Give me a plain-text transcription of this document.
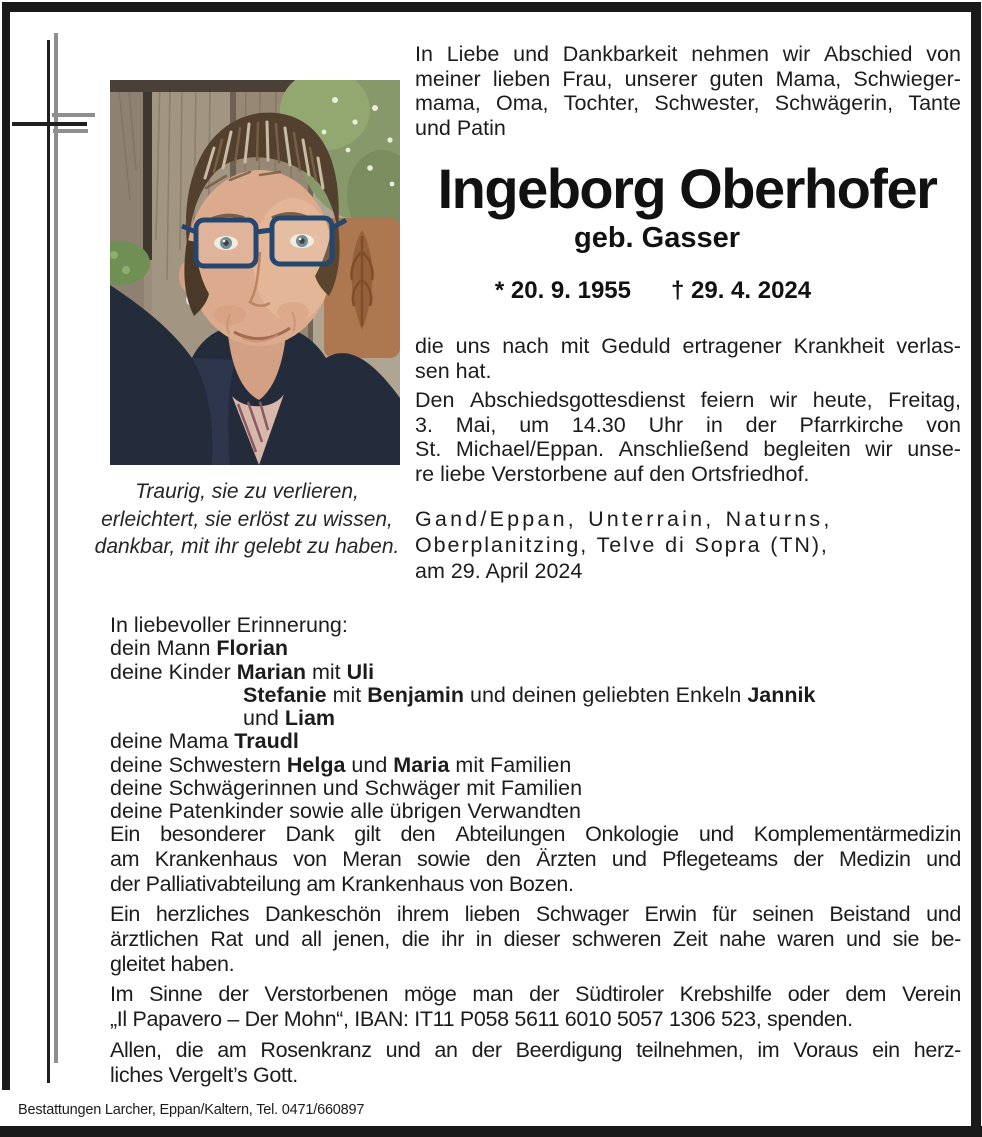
Traurig, sie zu verlieren,
erleichtert, sie erlöst zu wissen,
dankbar, mit ihr gelebt zu haben.
In Liebe und Dankbarkeit nehmen wir Abschied von
meiner lieben Frau, unserer guten Mama, Schwieger-
mama, Oma, Tochter, Schwester, Schwägerin, Tante
und Patin
Ingeborg Oberhofer
geb. Gasser
* 20. 9. 1955 † 29. 4. 2024
die uns nach mit Geduld ertragener Krankheit verlas-
sen hat.
Den Abschiedsgottesdienst feiern wir heute, Freitag,
3. Mai, um 14.30 Uhr in der Pfarrkirche von
St. Michael/Eppan. Anschließend begleiten wir unse-
re liebe Verstorbene auf den Ortsfriedhof.
Gand/Eppan, Unterrain, Naturns,
Oberplanitzing, Telve di Sopra (TN),
am 29. April 2024
In liebevoller Erinnerung:
dein Mann Florian
deine Kinder Marian mit Uli
Stefanie mit Benjamin und deinen geliebten Enkeln Jannik und Liam
deine Mama Traudl
deine Schwestern Helga und Maria mit Familien
deine Schwägerinnen und Schwäger mit Familien
deine Patenkinder sowie alle übrigen Verwandten
Ein besonderer Dank gilt den Abteilungen Onkologie und Komplementärmedizin
am Krankenhaus von Meran sowie den Ärzten und Pflegeteams der Medizin und
der Palliativabteilung am Krankenhaus von Bozen.
Ein herzliches Dankeschön ihrem lieben Schwager Erwin für seinen Beistand und
ärztlichen Rat und all jenen, die ihr in dieser schweren Zeit nahe waren und sie be-
gleitet haben.
Im Sinne der Verstorbenen möge man der Südtiroler Krebshilfe oder dem Verein
„Il Papavero – Der Mohn“, IBAN: IT11 P058 5611 6010 5057 1306 523, spenden.
Allen, die am Rosenkranz und an der Beerdigung teilnehmen, im Voraus ein herz-
liches Vergelt’s Gott.
Bestattungen Larcher, Eppan/Kaltern, Tel. 0471/660897
